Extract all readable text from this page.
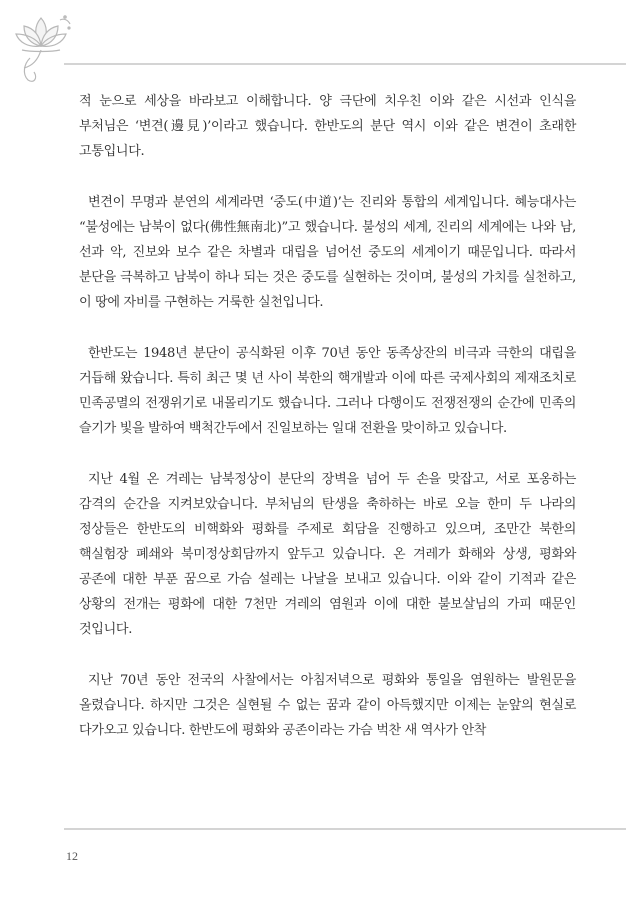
적 눈으로 세상을 바라보고 이해합니다. 양 극단에 치우친 이와 같은 시선과 인식을 부처님은 ‘변견(邊見)’이라고 했습니다. 한반도의 분단 역시 이와 같은 변견이 초래한 고통입니다.

변견이 무명과 분연의 세계라면 ‘중도(中道)’는 진리와 통합의 세계입니다. 혜능대사는 “불성에는 남북이 없다(佛性無南北)”고 했습니다. 불성의 세계, 진리의 세계에는 나와 남, 선과 악, 진보와 보수 같은 차별과 대립을 넘어선 중도의 세계이기 때문입니다. 따라서 분단을 극복하고 남북이 하나 되는 것은 중도를 실현하는 것이며, 불성의 가치를 실천하고, 이 땅에 자비를 구현하는 거룩한 실천입니다.

한반도는 1948년 분단이 공식화된 이후 70년 동안 동족상잔의 비극과 극한의 대립을 거듭해 왔습니다. 특히 최근 몇 년 사이 북한의 핵개발과 이에 따른 국제사회의 제재조치로 민족공멸의 전쟁위기로 내몰리기도 했습니다. 그러나 다행이도 전쟁전쟁의 순간에 민족의 슬기가 빛을 발하여 백척간두에서 진일보하는 일대 전환을 맞이하고 있습니다.

지난 4월 온 겨레는 남북정상이 분단의 장벽을 넘어 두 손을 맞잡고, 서로 포옹하는 감격의 순간을 지켜보았습니다. 부처님의 탄생을 축하하는 바로 오늘 한미 두 나라의 정상들은 한반도의 비핵화와 평화를 주제로 회담을 진행하고 있으며, 조만간 북한의 핵실험장 폐쇄와 북미정상회담까지 앞두고 있습니다. 온 겨레가 화해와 상생, 평화와 공존에 대한 부푼 꿈으로 가슴 설레는 나날을 보내고 있습니다. 이와 같이 기적과 같은 상황의 전개는 평화에 대한 7천만 겨레의 염원과 이에 대한 불보살님의 가피 때문인 것입니다.

지난 70년 동안 전국의 사찰에서는 아침저녁으로 평화와 통일을 염원하는 발원문을 올렸습니다. 하지만 그것은 실현될 수 없는 꿈과 같이 아득했지만 이제는 눈앞의 현실로 다가오고 있습니다. 한반도에 평화와 공존이라는 가슴 벅찬 새 역사가 안착

12
